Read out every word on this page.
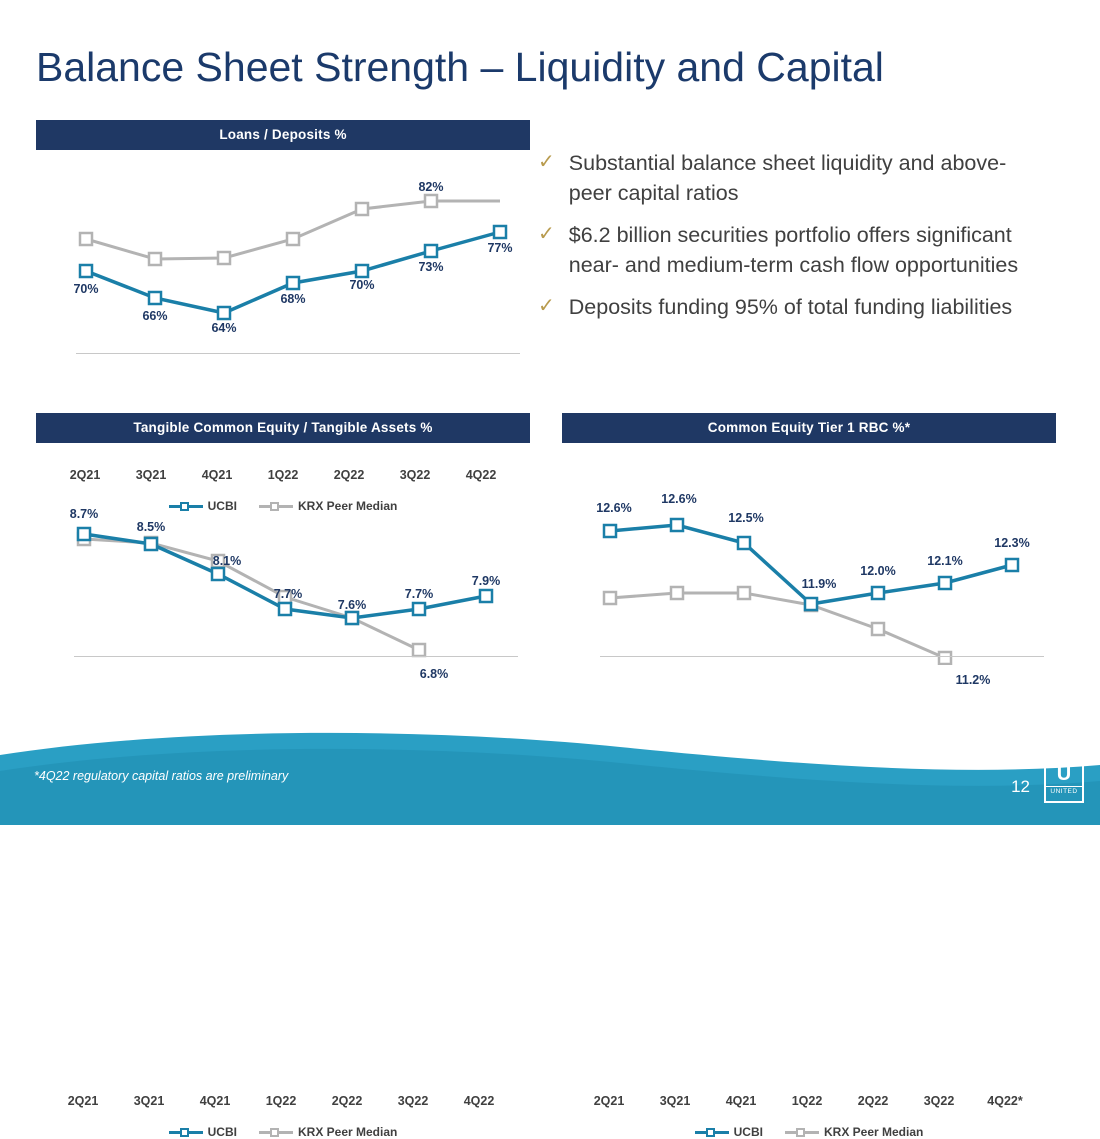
Balance Sheet Strength – Liquidity and Capital
Loans / Deposits %
70%
66%
64%
68%
70%
73%
77%
82%
2Q21	3Q21	4Q21	1Q22	2Q22	3Q22	4Q22
UCBI	KRX Peer Median
✓ Substantial balance sheet liquidity and above-peer capital ratios
✓ $6.2 billion securities portfolio offers significant near- and medium-term cash flow opportunities
✓ Deposits funding 95% of total funding liabilities
Tangible Common Equity / Tangible Assets %
8.7%
8.5%
8.1%
7.7%
7.6%
7.7%
7.9%
6.8%
2Q21	3Q21	4Q21	1Q22	2Q22	3Q22	4Q22
UCBI	KRX Peer Median
Common Equity Tier 1 RBC %*
12.6%
12.6%
12.5%
11.9%
12.0%
12.1%
12.3%
11.2%
2Q21	3Q21	4Q21	1Q22	2Q22	3Q22	4Q22*
UCBI	KRX Peer Median
*4Q22 regulatory capital ratios are preliminary
12
U
UNITED
